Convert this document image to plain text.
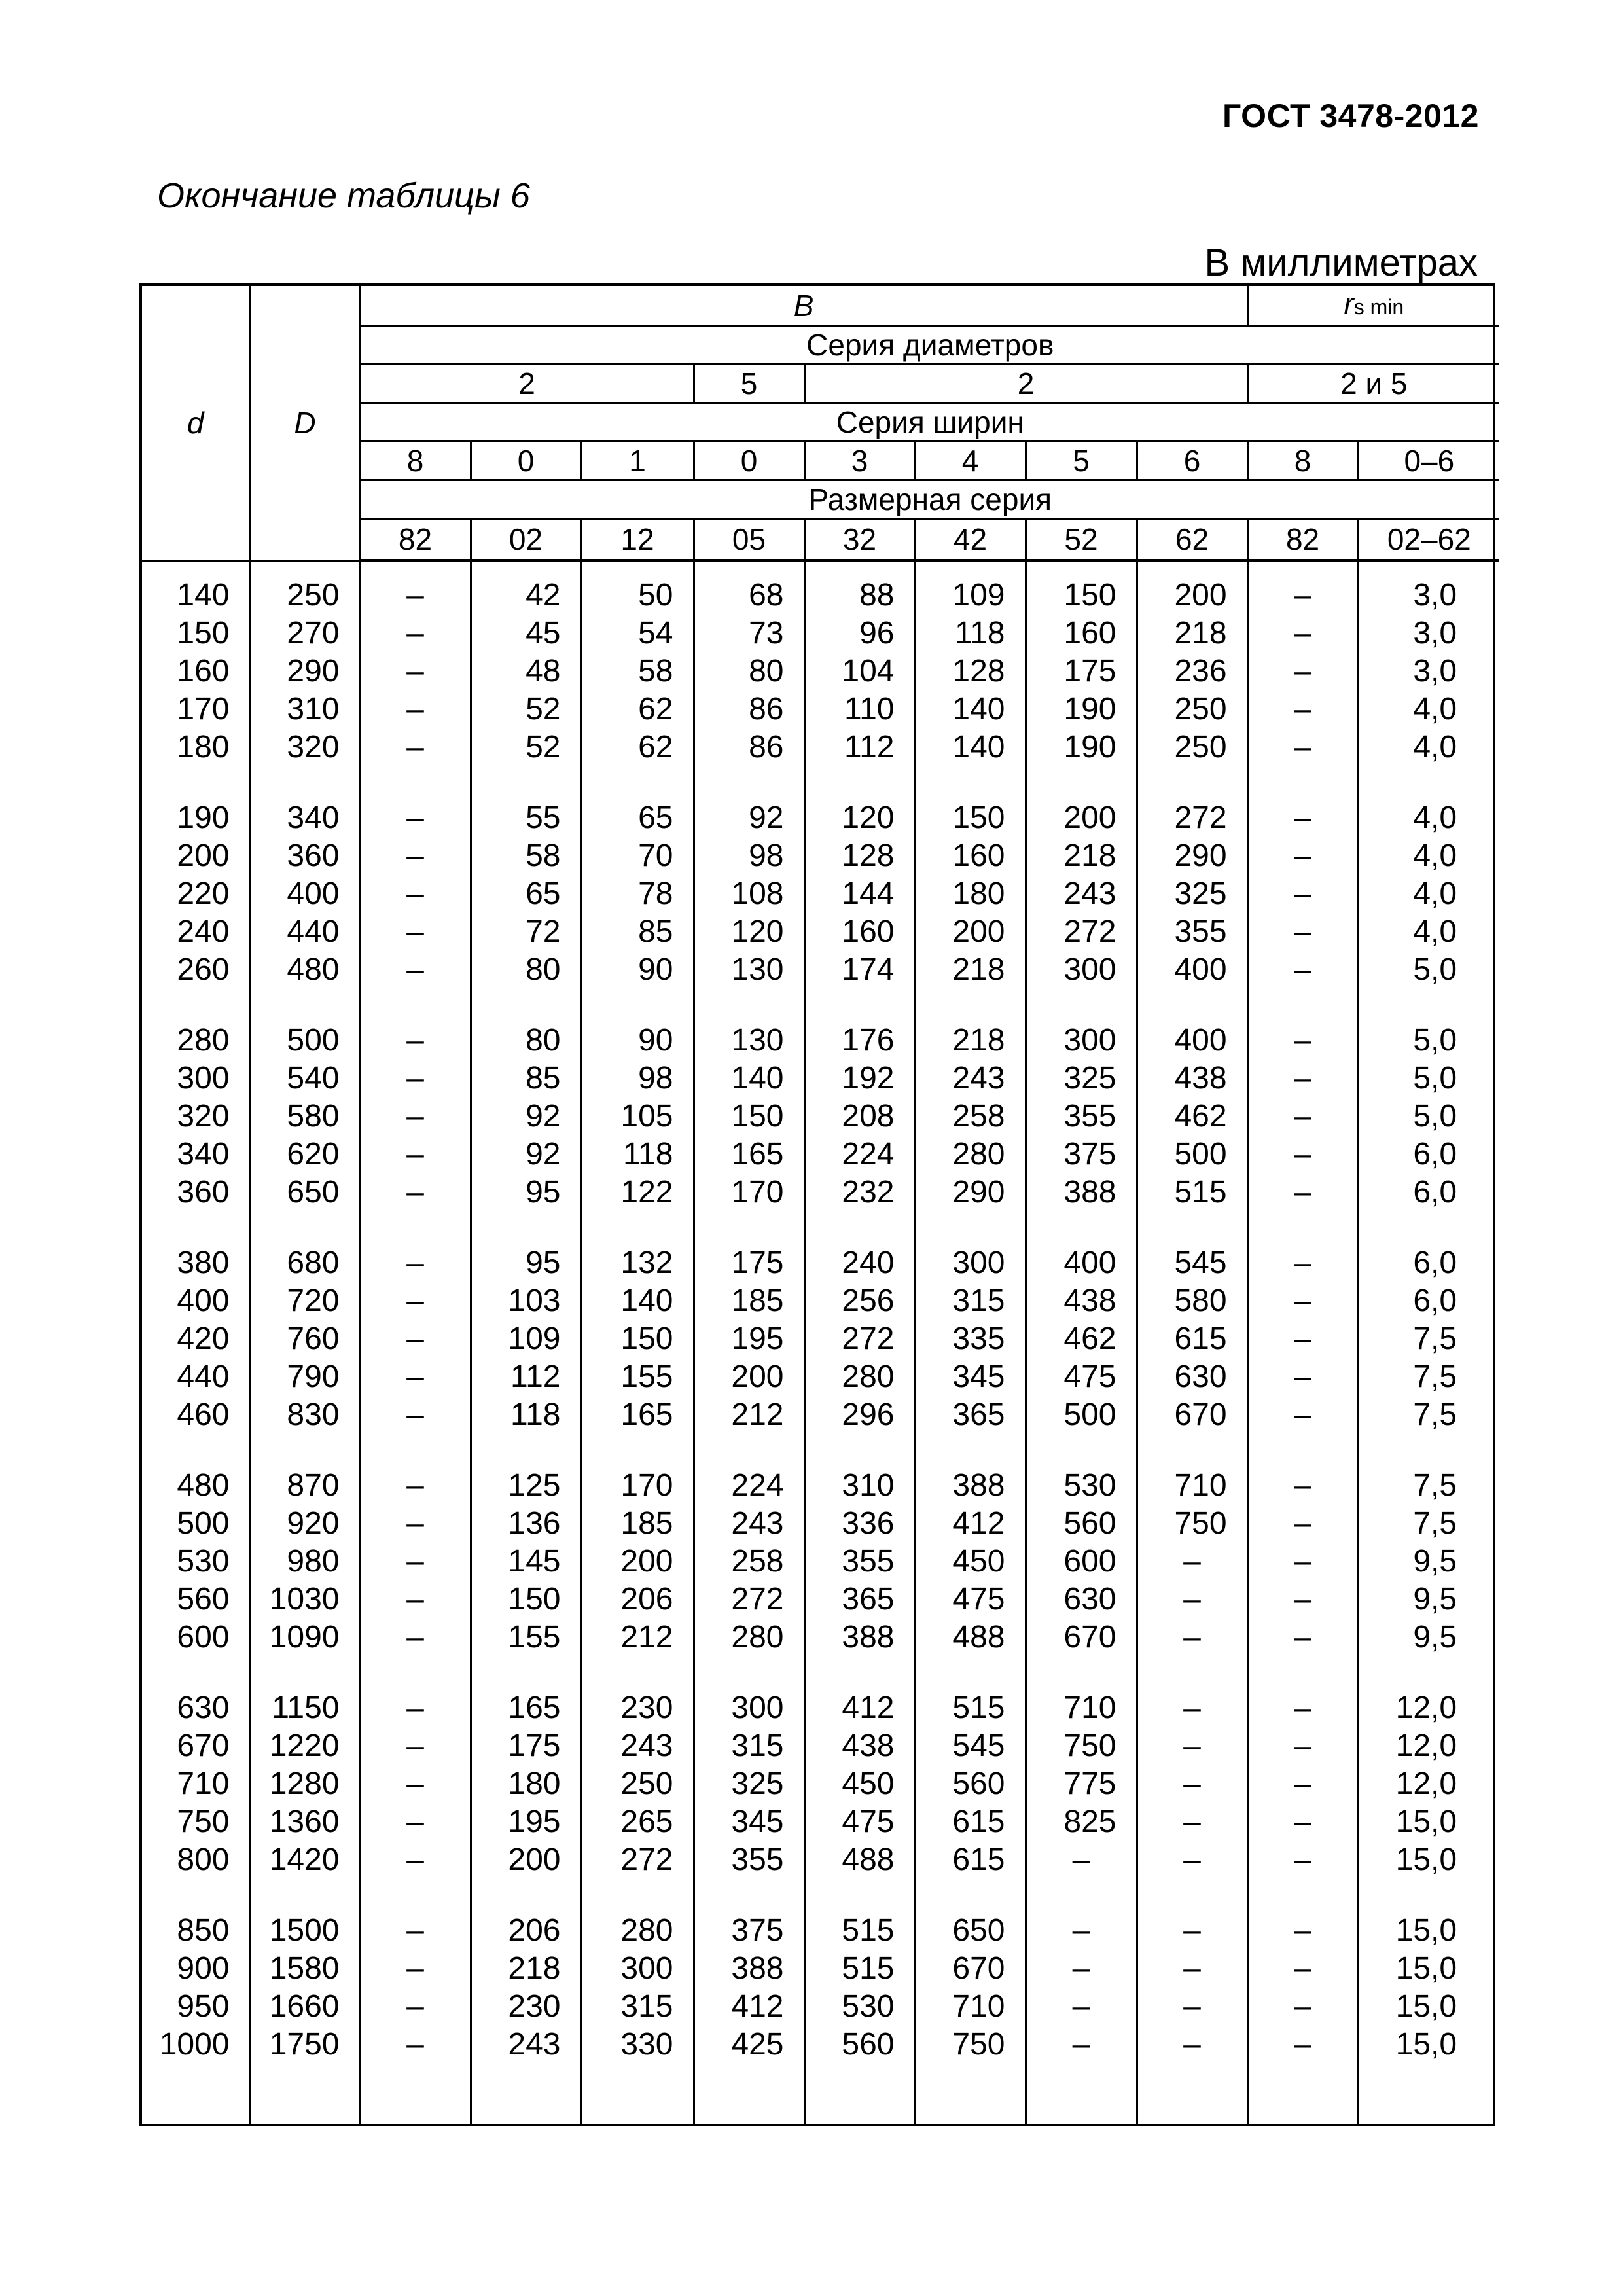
ГОСТ 3478-2012
Окончание таблицы 6
В миллиметрах
d	D	B								rs min	
		Серия диаметров									
		2			5	2				2 и 5	
		Серия ширин									
		8	0	1	0	3	4	5	6	8	0–6
		Размерная серия									
		82	02	12	05	32	42	52	62	82	02–62

140	250	–	42	50	68	88	109	150	200	–	3,0
150	270	–	45	54	73	96	118	160	218	–	3,0
160	290	–	48	58	80	104	128	175	236	–	3,0
170	310	–	52	62	86	110	140	190	250	–	4,0
180	320	–	52	62	86	112	140	190	250	–	4,0

190	340	–	55	65	92	120	150	200	272	–	4,0
200	360	–	58	70	98	128	160	218	290	–	4,0
220	400	–	65	78	108	144	180	243	325	–	4,0
240	440	–	72	85	120	160	200	272	355	–	4,0
260	480	–	80	90	130	174	218	300	400	–	5,0

280	500	–	80	90	130	176	218	300	400	–	5,0
300	540	–	85	98	140	192	243	325	438	–	5,0
320	580	–	92	105	150	208	258	355	462	–	5,0
340	620	–	92	118	165	224	280	375	500	–	6,0
360	650	–	95	122	170	232	290	388	515	–	6,0

380	680	–	95	132	175	240	300	400	545	–	6,0
400	720	–	103	140	185	256	315	438	580	–	6,0
420	760	–	109	150	195	272	335	462	615	–	7,5
440	790	–	112	155	200	280	345	475	630	–	7,5
460	830	–	118	165	212	296	365	500	670	–	7,5

480	870	–	125	170	224	310	388	530	710	–	7,5
500	920	–	136	185	243	336	412	560	750	–	7,5
530	980	–	145	200	258	355	450	600	–	–	9,5
560	1030	–	150	206	272	365	475	630	–	–	9,5
600	1090	–	155	212	280	388	488	670	–	–	9,5

630	1150	–	165	230	300	412	515	710	–	–	12,0
670	1220	–	175	243	315	438	545	750	–	–	12,0
710	1280	–	180	250	325	450	560	775	–	–	12,0
750	1360	–	195	265	345	475	615	825	–	–	15,0
800	1420	–	200	272	355	488	615	–	–	–	15,0

850	1500	–	206	280	375	515	650	–	–	–	15,0
900	1580	–	218	300	388	515	670	–	–	–	15,0
950	1660	–	230	315	412	530	710	–	–	–	15,0
1000	1750	–	243	330	425	560	750	–	–	–	15,0
